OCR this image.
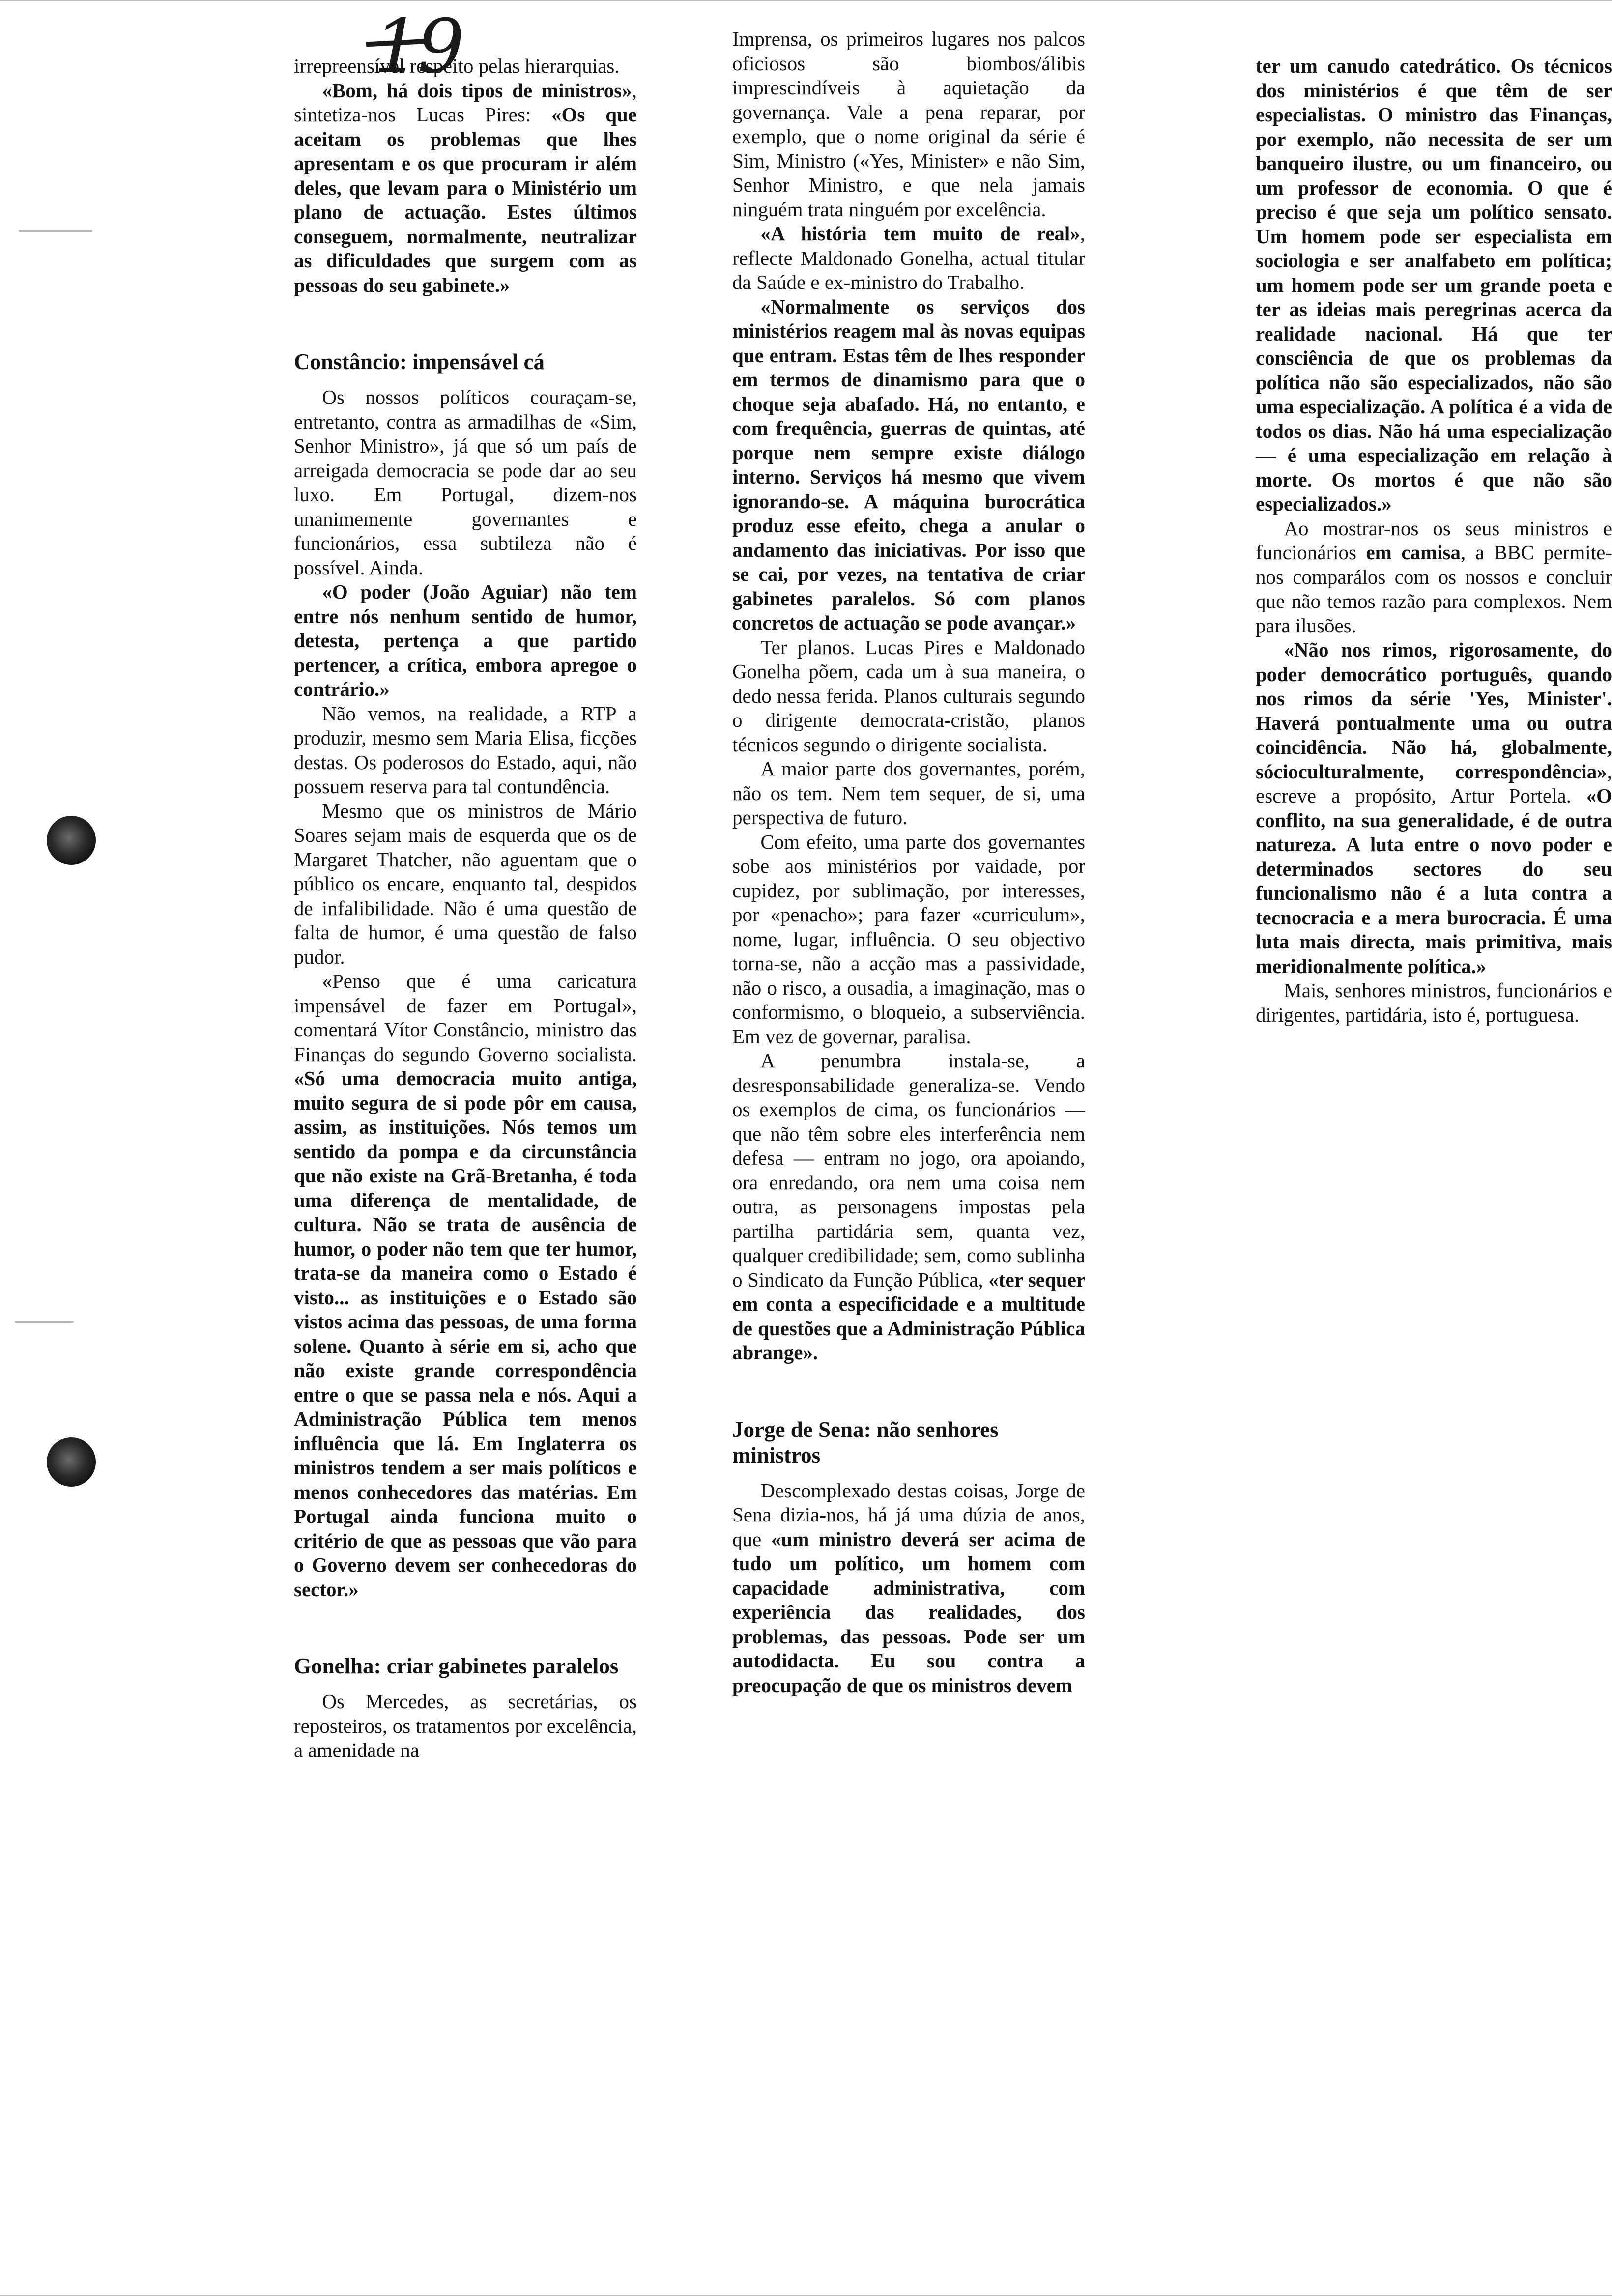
19

irrepreensível respeito pelas hierarquias.

«Bom, há dois tipos de ministros», sintetiza-nos Lucas Pires: «Os que aceitam os problemas que lhes apresentam e os que procuram ir além deles, que levam para o Ministério um plano de actuação. Estes últimos conseguem, normalmente, neutralizar as dificuldades que surgem com as pessoas do seu gabinete.»

Constâncio: impensável cá

Os nossos políticos couraçam-se, entretanto, contra as armadilhas de «Sim, Senhor Ministro», já que só um país de arreigada democracia se pode dar ao seu luxo. Em Portugal, dizem-nos unanimemente governantes e funcionários, essa subtileza não é possível. Ainda.

«O poder (João Aguiar) não tem entre nós nenhum sentido de humor, detesta, pertença a que partido pertencer, a crítica, embora apregoe o contrário.»

Não vemos, na realidade, a RTP a produzir, mesmo sem Maria Elisa, ficções destas. Os poderosos do Estado, aqui, não possuem reserva para tal contundência.

Mesmo que os ministros de Mário Soares sejam mais de esquerda que os de Margaret Thatcher, não aguentam que o público os encare, enquanto tal, despidos de infalibilidade. Não é uma questão de falta de humor, é uma questão de falso pudor.

«Penso que é uma caricatura impensável de fazer em Portugal», comentará Vítor Constâncio, ministro das Finanças do segundo Governo socialista. «Só uma democracia muito antiga, muito segura de si pode pôr em causa, assim, as instituições. Nós temos um sentido da pompa e da circunstância que não existe na Grã-Bretanha, é toda uma diferença de mentalidade, de cultura. Não se trata de ausência de humor, o poder não tem que ter humor, trata-se da maneira como o Estado é visto... as instituições e o Estado são vistos acima das pessoas, de uma forma solene. Quanto à série em si, acho que não existe grande correspondência entre o que se passa nela e nós. Aqui a Administração Pública tem menos influência que lá. Em Inglaterra os ministros tendem a ser mais políticos e menos conhecedores das matérias. Em Portugal ainda funciona muito o critério de que as pessoas que vão para o Governo devem ser conhecedoras do sector.»

Gonelha: criar gabinetes paralelos

Os Mercedes, as secretárias, os reposteiros, os tratamentos por excelência, a amenidade na

Imprensa, os primeiros lugares nos palcos oficiosos são biombos/álibis imprescindíveis à aquietação da governança. Vale a pena reparar, por exemplo, que o nome original da série é Sim, Ministro («Yes, Minister» e não Sim, Senhor Ministro, e que nela jamais ninguém trata ninguém por excelência.

«A história tem muito de real», reflecte Maldonado Gonelha, actual titular da Saúde e ex-ministro do Trabalho.

«Normalmente os serviços dos ministérios reagem mal às novas equipas que entram. Estas têm de lhes responder em termos de dinamismo para que o choque seja abafado. Há, no entanto, e com frequência, guerras de quintas, até porque nem sempre existe diálogo interno. Serviços há mesmo que vivem ignorando-se. A máquina burocrática produz esse efeito, chega a anular o andamento das iniciativas. Por isso que se cai, por vezes, na tentativa de criar gabinetes paralelos. Só com planos concretos de actuação se pode avançar.»

Ter planos. Lucas Pires e Maldonado Gonelha põem, cada um à sua maneira, o dedo nessa ferida. Planos culturais segundo o dirigente democrata-cristão, planos técnicos segundo o dirigente socialista.

A maior parte dos governantes, porém, não os tem. Nem tem sequer, de si, uma perspectiva de futuro.

Com efeito, uma parte dos governantes sobe aos ministérios por vaidade, por cupidez, por sublimação, por interesses, por «penacho»; para fazer «curriculum», nome, lugar, influência. O seu objectivo torna-se, não a acção mas a passividade, não o risco, a ousadia, a imaginação, mas o conformismo, o bloqueio, a subserviência. Em vez de governar, paralisa.

A penumbra instala-se, a desresponsabilidade generaliza-se. Vendo os exemplos de cima, os funcionários — que não têm sobre eles interferência nem defesa — entram no jogo, ora apoiando, ora enredando, ora nem uma coisa nem outra, as personagens impostas pela partilha partidária sem, quanta vez, qualquer credibilidade; sem, como sublinha o Sindicato da Função Pública, «ter sequer em conta a especificidade e a multitude de questões que a Administração Pública abrange».

Jorge de Sena: não senhores ministros

Descomplexado destas coisas, Jorge de Sena dizia-nos, há já uma dúzia de anos, que «um ministro deverá ser acima de tudo um político, um homem com capacidade administrativa, com experiência das realidades, dos problemas, das pessoas. Pode ser um autodidacta. Eu sou contra a preocupação de que os ministros devem

ter um canudo catedrático. Os técnicos dos ministérios é que têm de ser especialistas. O ministro das Finanças, por exemplo, não necessita de ser um banqueiro ilustre, ou um financeiro, ou um professor de economia. O que é preciso é que seja um político sensato. Um homem pode ser especialista em sociologia e ser analfabeto em política; um homem pode ser um grande poeta e ter as ideias mais peregrinas acerca da realidade nacional. Há que ter consciência de que os problemas da política não são especializados, não são uma especialização. A política é a vida de todos os dias. Não há uma especialização — é uma especialização em relação à morte. Os mortos é que não são especializados.»

Ao mostrar-nos os seus ministros e funcionários em camisa, a BBC permite-nos comparálos com os nossos e concluir que não temos razão para complexos. Nem para ilusões.

«Não nos rimos, rigorosamente, do poder democrático português, quando nos rimos da série 'Yes, Minister'. Haverá pontualmente uma ou outra coincidência. Não há, globalmente, sócioculturalmente, correspondência», escreve a propósito, Artur Portela. «O conflito, na sua generalidade, é de outra natureza. A luta entre o novo poder e determinados sectores do seu funcionalismo não é a luta contra a tecnocracia e a mera burocracia. É uma luta mais directa, mais primitiva, mais meridionalmente política.»

Mais, senhores ministros, funcionários e dirigentes, partidária, isto é, portuguesa.
